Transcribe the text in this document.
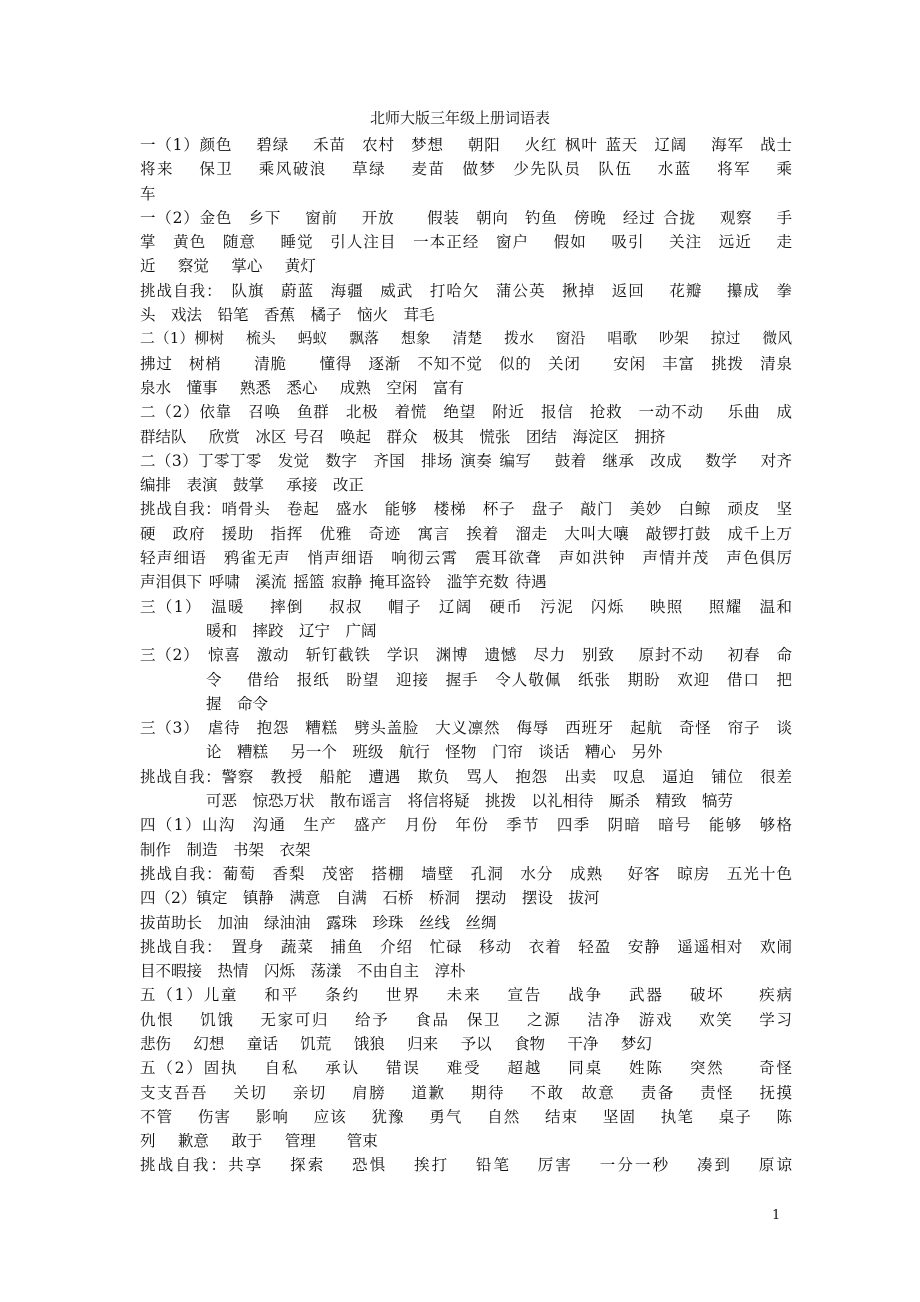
北师大版三年级上册词语表
一（1）颜色　 碧绿　 禾苗　农村　梦想　 朝阳　 火红 枫叶 蓝天　辽阔　 海军　战士
将来　 保卫　 乘风破浪　 草绿　 麦苗　做梦　少先队员　队伍　 水蓝　 将军　 乘
车
一（2）金色　乡下　 窗前　 开放　　假装　朝向　钓鱼　傍晚　经过 合拢　 观察　 手
掌　黄色　随意　 睡觉　引人注目　一本正经　窗户　 假如　 吸引　 关注　远近　 走
近　 察觉　 掌心　 黄灯
挑战自我：　队旗　蔚蓝　海疆　威武　打哈欠　蒲公英　揪掉　返回　 花瓣　 攥成　拳
头　戏法　铅笔　香蕉　橘子　恼火　茸毛
二（1）柳树　 梳头　 蚂蚁　 飘落　 想象　 清楚　 拨水　 窗沿　 唱歌　 吵架　 掠过　 微风
拂过　树梢　　清脆　　懂得　逐渐　不知不觉　似的　关闭　　安闲　丰富　挑拨　清泉
泉水　懂事　 熟悉　悉心　 成熟　空闲　富有
二（2）依靠　召唤　鱼群　北极　着慌　绝望　附近　报信　抢救　一动不动　 乐曲　成
群结队　 欣赏　冰区 号召　唤起　群众　极其　慌张　团结　海淀区　拥挤
二（3）丁零丁零　发觉　数字　齐国　排场 演奏 编写　 鼓着　继承　改成　 数学　 对齐
编排　表演　鼓掌　 承接　改正
挑战自我：哨骨头　卷起　盛水　能够　楼梯　杯子　盘子　敲门　美妙　白鲸　顽皮　坚
硬　政府　援助　指挥　优雅　奇迹　寓言　挨着　溜走　大叫大嚷　敲锣打鼓　成千上万
轻声细语　鸦雀无声　悄声细语　响彻云霄　震耳欲聋　声如洪钟　声情并茂　声色俱厉
声泪俱下 呼啸　溪流 摇篮 寂静 掩耳盗铃　滥竽充数 待遇
三（1）　温暖　 摔倒　 叔叔　 帽子　辽阔　硬币　污泥　闪烁　 映照　 照耀　温和
暖和　摔跤　辽宁　广阔
三（2）　惊喜　激动　斩钉截铁　学识　渊博　遗憾　尽力　别致　 原封不动　 初春　命
令　 借给　报纸　盼望　迎接　握手　令人敬佩　纸张　期盼　欢迎　借口　把
握　命令
三（3）　虐待　抱怨　糟糕　劈头盖脸　大义凛然　侮辱　西班牙　起航　奇怪　帘子　谈
论　糟糕　 另一个　班级　航行　怪物　门帘　谈话　糟心　另外
挑战自我：警察　教授　船舵　遭遇　欺负　骂人　抱怨　出卖　叹息　逼迫　铺位　很差
可恶　惊恐万状　散布谣言　将信将疑　挑拨　以礼相待　厮杀　精致　犒劳
四（1）山沟　沟通　生产　盛产　月份　年份　季节　四季　阴暗　暗号　能够　够格
制作　制造　书架　衣架
挑战自我：葡萄　香梨　茂密　搭棚　墙壁　孔洞　水分　成熟　 好客　晾房　五光十色
四（2）镇定　镇静　满意　自满　石桥　桥洞　摆动　摆设　拔河
拔苗助长　加油　绿油油　露珠　珍珠　丝线　丝绸
挑战自我：　置身　蔬菜　捕鱼　介绍　忙碌　移动　衣着　轻盈　安静　遥遥相对　欢闹
目不暇接　热情　闪烁　荡漾　不由自主　淳朴
五（1）儿童　 和平　 条约　 世界　 未来　 宣告　 战争　 武器　 破坏　　疾病
仇恨　 饥饿　 无家可归　 给予　 食品　保卫　 之源　 洁净　游戏　 欢笑　 学习
悲伤　 幻想　 童话　 饥荒　 饿狼　 归来　 予以　 食物　 干净　 梦幻
五（2）固执　 自私　 承认　 错误　 难受　 超越　 同桌　 姓陈　 突然　　奇怪
支支吾吾　 关切　 亲切　 肩膀　 道歉　 期待　 不敢　故意　 责备　 责怪　 抚摸
不管　 伤害　 影响　 应该　 犹豫　 勇气　 自然　 结束　 坚固　 执笔　 桌子　 陈
列　 歉意　 敢于　 管理　　管束
挑战自我：共享　 探索　 恐惧　 挨打　 铅笔　 厉害　 一分一秒　 凑到　 原谅
1
